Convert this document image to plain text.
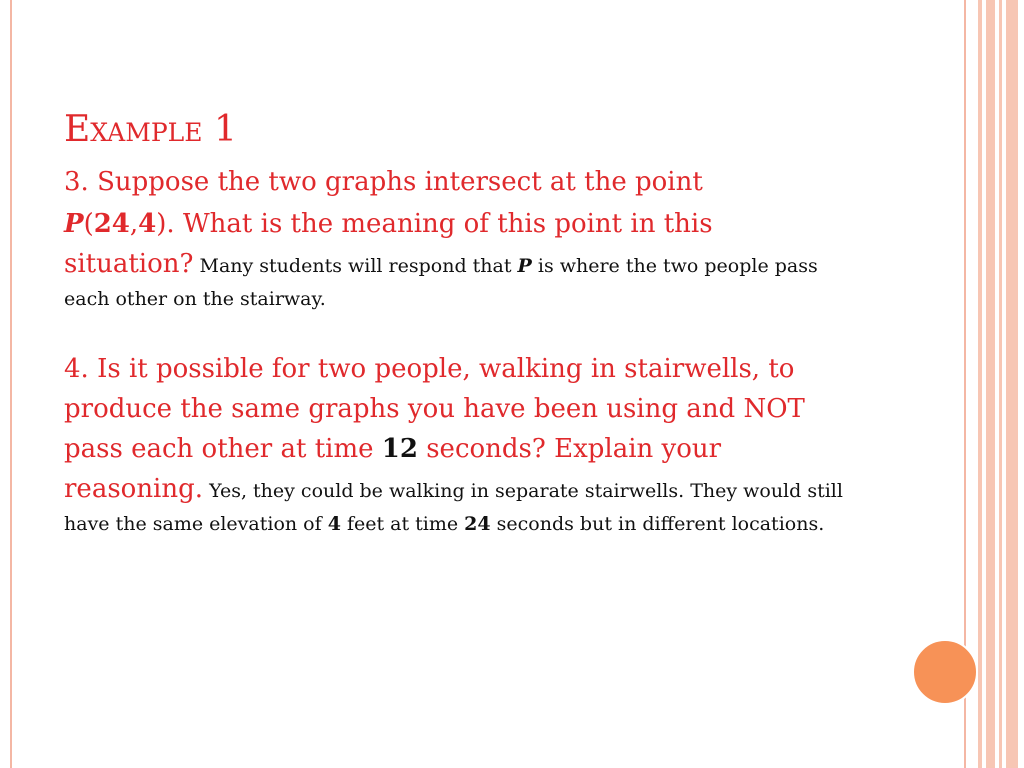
Example 1
3. Suppose the two graphs intersect at the point
P(24,4). What is the meaning of this point in this
situation? Many students will respond that P is where the two people pass each other on the stairway.
4. Is it possible for two people, walking in stairwells, to produce the same graphs you have been using and NOT pass each other at time 12 seconds? Explain your reasoning. Yes, they could be walking in separate stairwells. They would still have the same elevation of 4 feet at time 24 seconds but in different locations.
